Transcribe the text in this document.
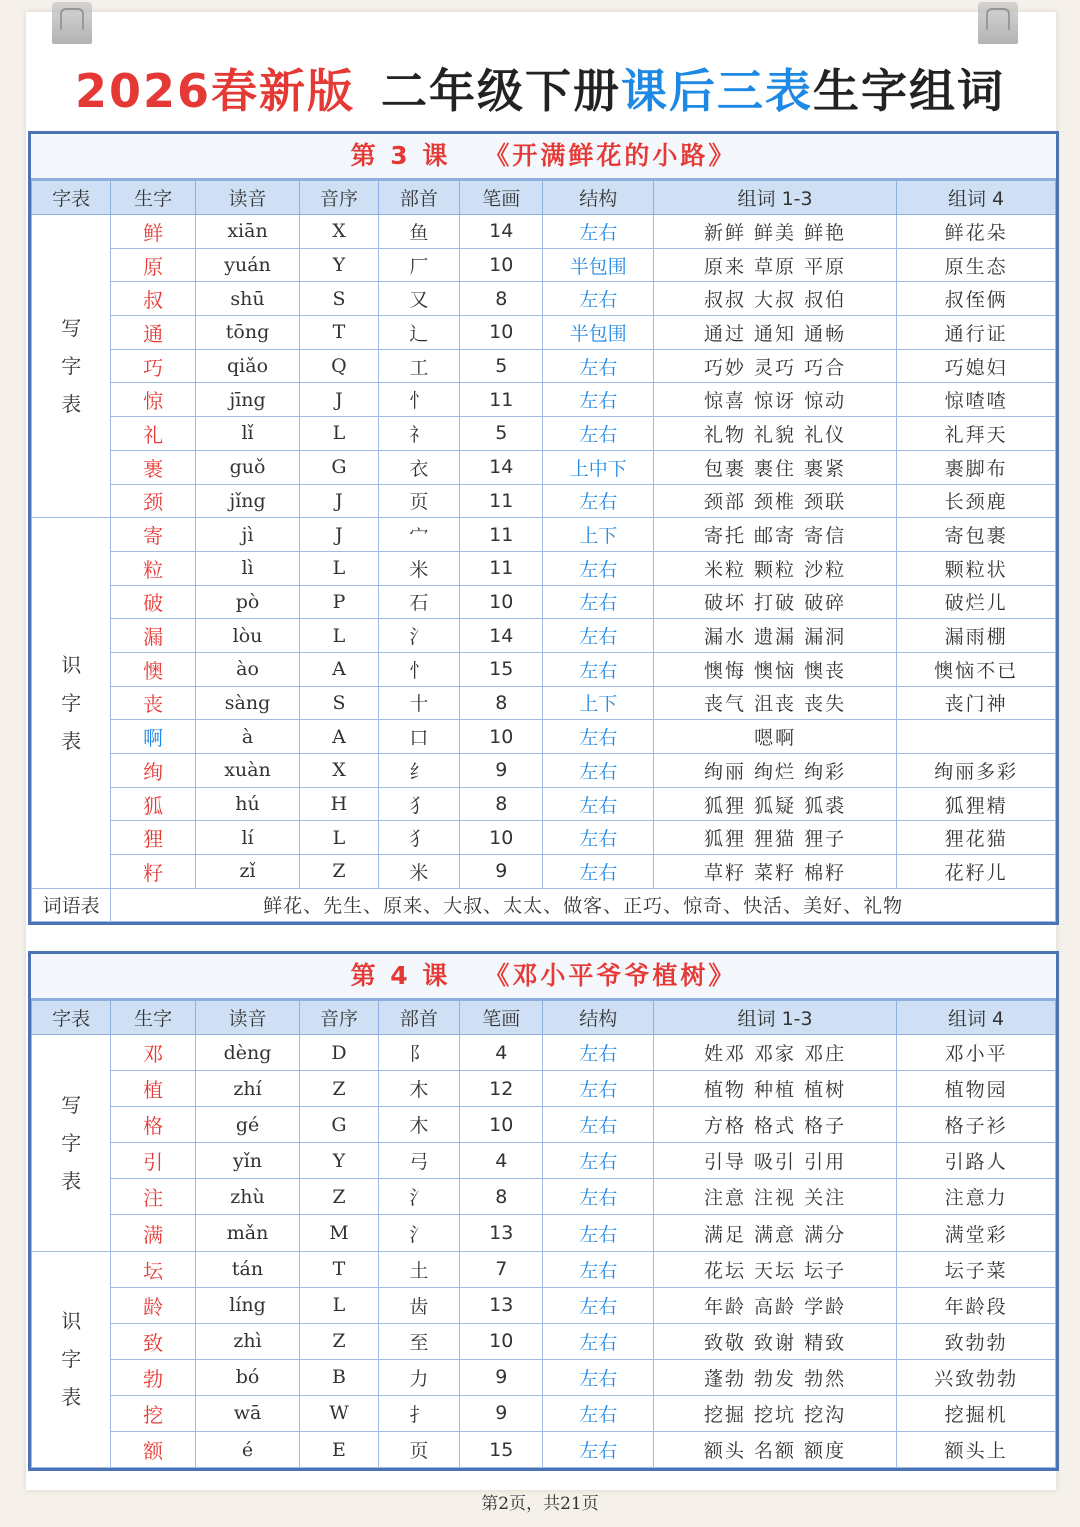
2026春新版 二年级下册课后三表生字组词
第 3 课 《开满鲜花的小路》
字表	生字	读音	音序	部首	笔画	结构	组词 1-3	组词 4
写
字
表	鲜	xiān	X	鱼	14	左右	新鲜 鲜美 鲜艳	鲜花朵
	原	yuán	Y	厂	10	半包围	原来 草原 平原	原生态
	叔	shū	S	又	8	左右	叔叔 大叔 叔伯	叔侄俩
	通	tōng	T	辶	10	半包围	通过 通知 通畅	通行证
	巧	qiǎo	Q	工	5	左右	巧妙 灵巧 巧合	巧媳妇
	惊	jīng	J	忄	11	左右	惊喜 惊讶 惊动	惊喳喳
	礼	lǐ	L	礻	5	左右	礼物 礼貌 礼仪	礼拜天
	裹	guǒ	G	衣	14	上中下	包裹 裹住 裹紧	裹脚布
	颈	jǐng	J	页	11	左右	颈部 颈椎 颈联	长颈鹿
识
字
表	寄	jì	J	宀	11	上下	寄托 邮寄 寄信	寄包裹
	粒	lì	L	米	11	左右	米粒 颗粒 沙粒	颗粒状
	破	pò	P	石	10	左右	破坏 打破 破碎	破烂儿
	漏	lòu	L	氵	14	左右	漏水 遗漏 漏洞	漏雨棚
	懊	ào	A	忄	15	左右	懊悔 懊恼 懊丧	懊恼不已
	丧	sàng	S	十	8	上下	丧气 沮丧 丧失	丧门神
	啊	à	A	口	10	左右	嗯啊	
	绚	xuàn	X	纟	9	左右	绚丽 绚烂 绚彩	绚丽多彩
	狐	hú	H	犭	8	左右	狐狸 狐疑 狐裘	狐狸精
	狸	lí	L	犭	10	左右	狐狸 狸猫 狸子	狸花猫
	籽	zǐ	Z	米	9	左右	草籽 菜籽 棉籽	花籽儿
词语表	鲜花、先生、原来、大叔、太太、做客、正巧、惊奇、快活、美好、礼物							
第 4 课 《邓小平爷爷植树》
字表	生字	读音	音序	部首	笔画	结构	组词 1-3	组词 4
写
字
表	邓	dèng	D	阝	4	左右	姓邓 邓家 邓庄	邓小平
	植	zhí	Z	木	12	左右	植物 种植 植树	植物园
	格	gé	G	木	10	左右	方格 格式 格子	格子衫
	引	yǐn	Y	弓	4	左右	引导 吸引 引用	引路人
	注	zhù	Z	氵	8	左右	注意 注视 关注	注意力
	满	mǎn	M	氵	13	左右	满足 满意 满分	满堂彩
识
字
表	坛	tán	T	土	7	左右	花坛 天坛 坛子	坛子菜
	龄	líng	L	齿	13	左右	年龄 高龄 学龄	年龄段
	致	zhì	Z	至	10	左右	致敬 致谢 精致	致勃勃
	勃	bó	B	力	9	左右	蓬勃 勃发 勃然	兴致勃勃
	挖	wā	W	扌	9	左右	挖掘 挖坑 挖沟	挖掘机
	额	é	E	页	15	左右	额头 名额 额度	额头上
第2页，共21页
